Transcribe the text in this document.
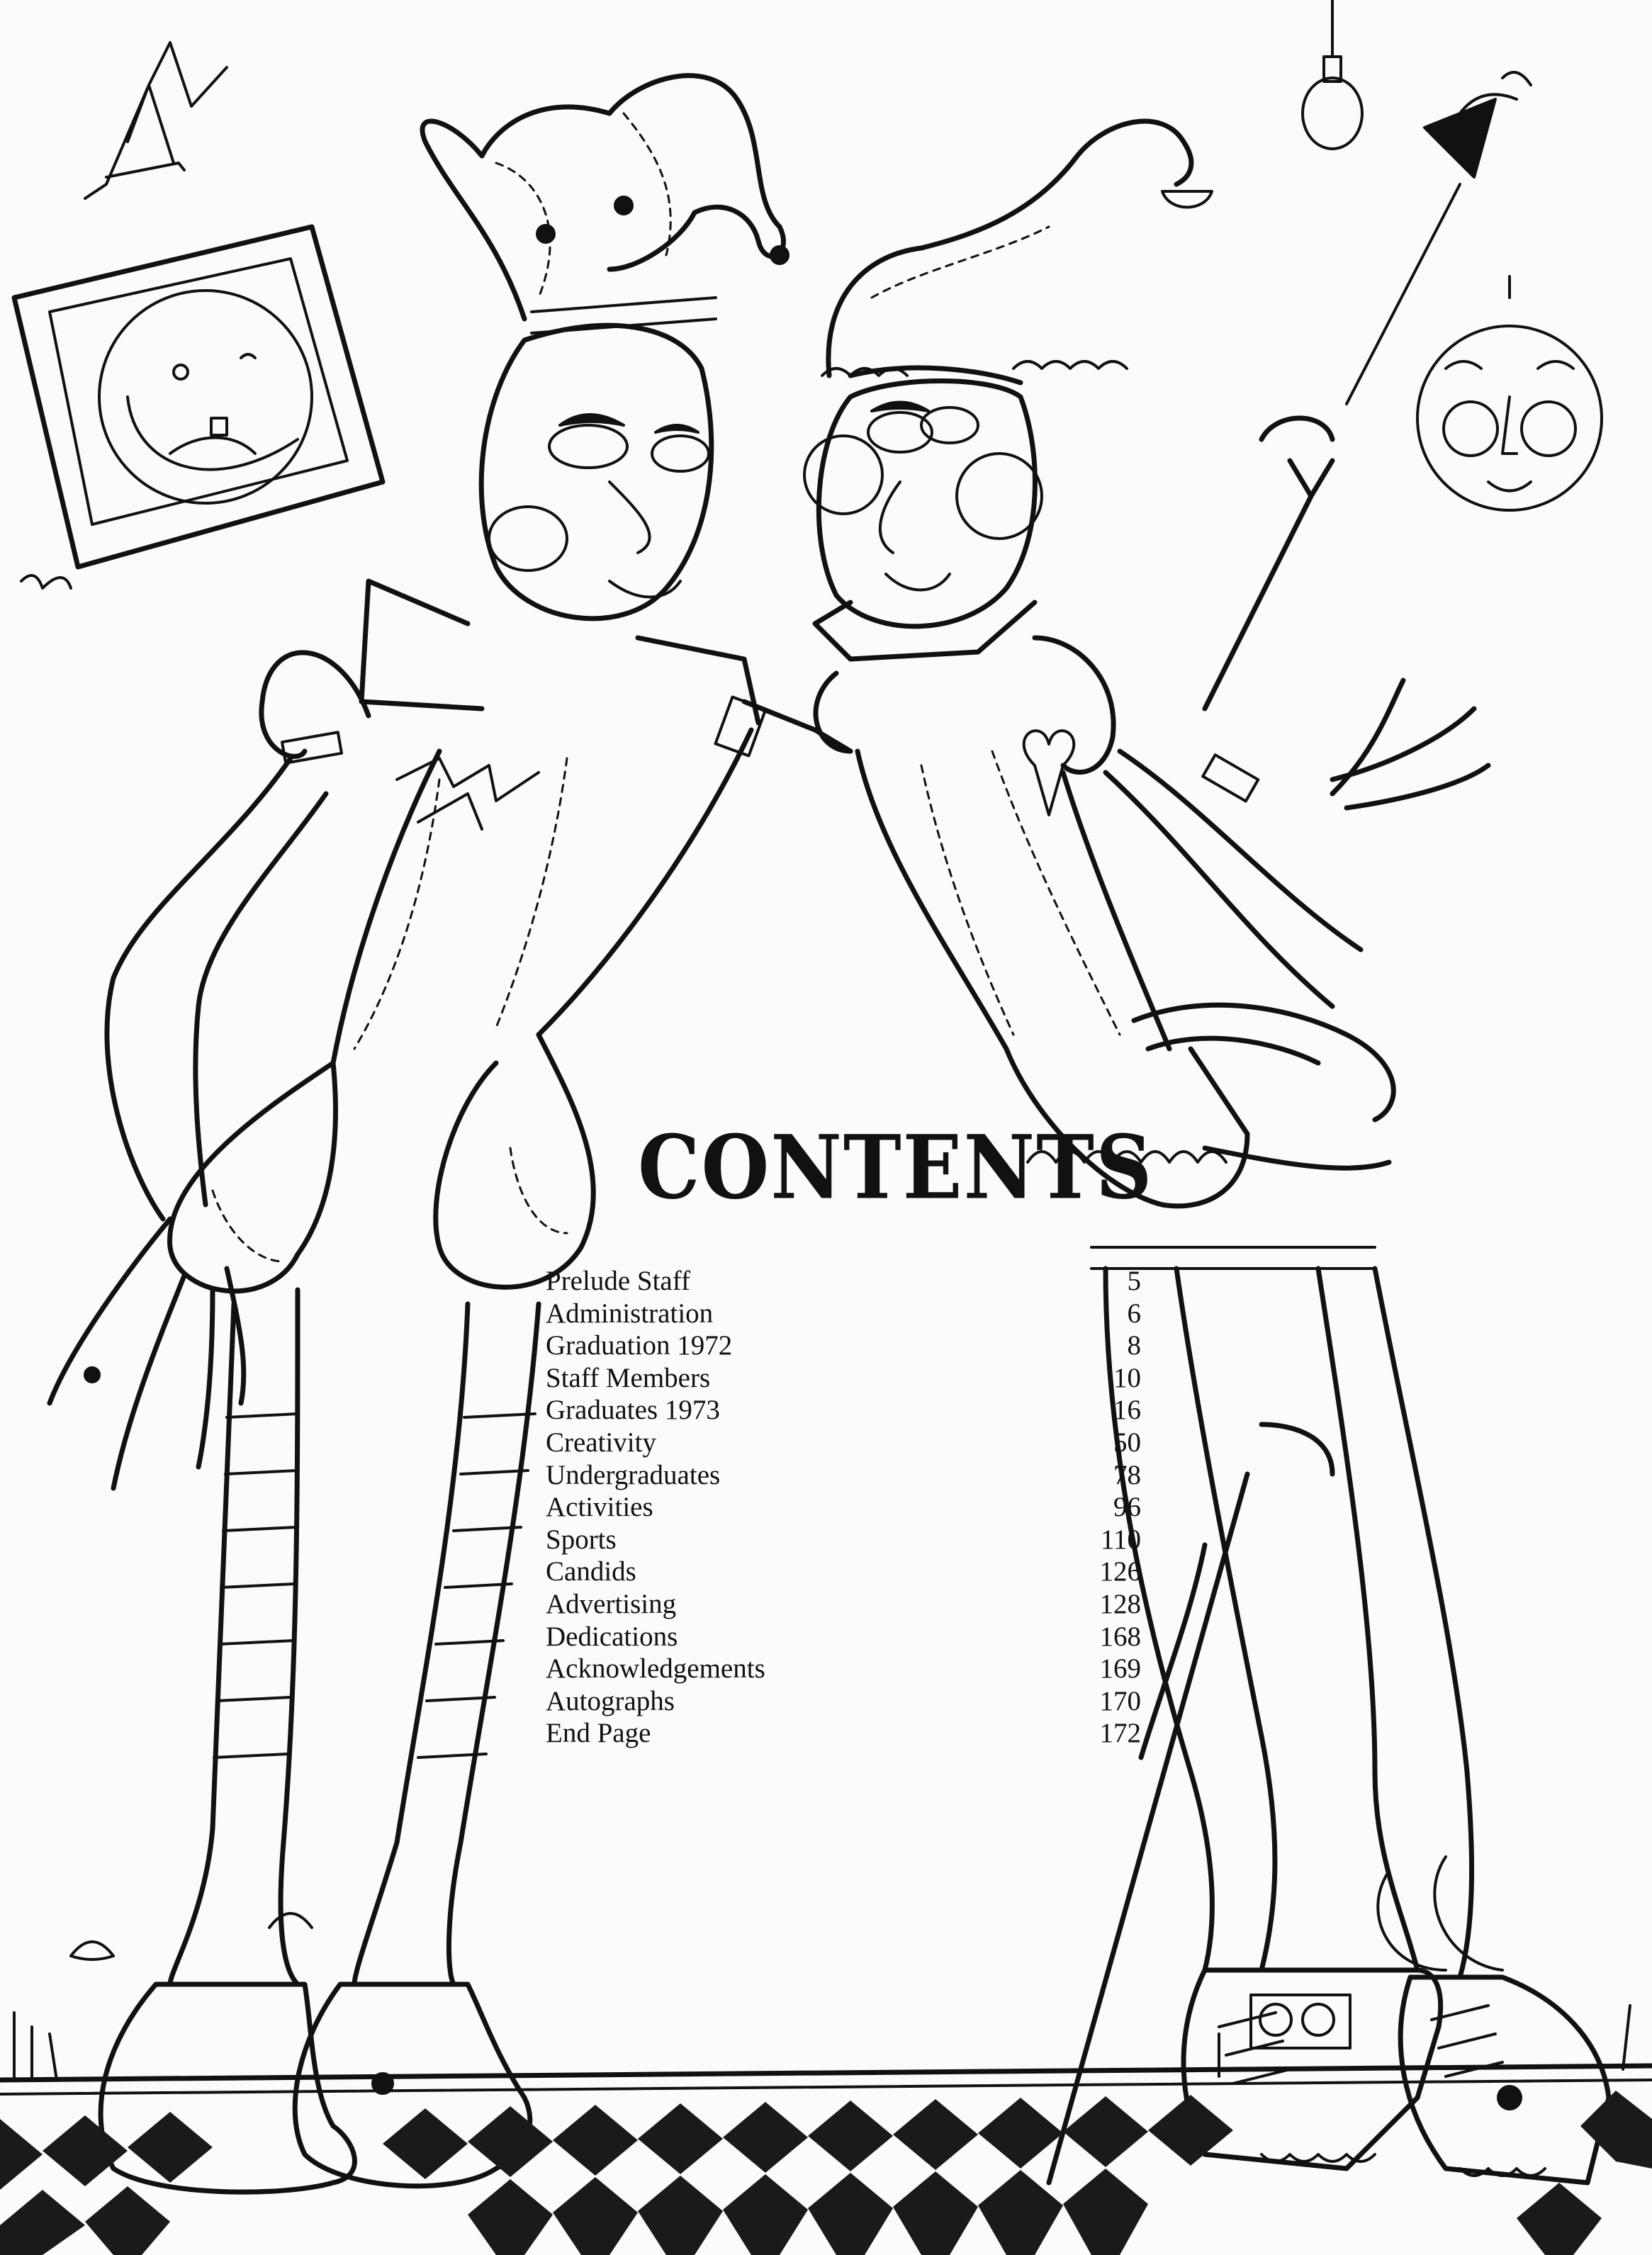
CONTENTS
Prelude Staff	5
Administration	6
Graduation 1972	8
Staff Members	10
Graduates 1973	16
Creativity	50
Undergraduates	78
Activities	96
Sports	110
Candids	126
Advertising	128
Dedications	168
Acknowledgements	169
Autographs	170
End Page	172
